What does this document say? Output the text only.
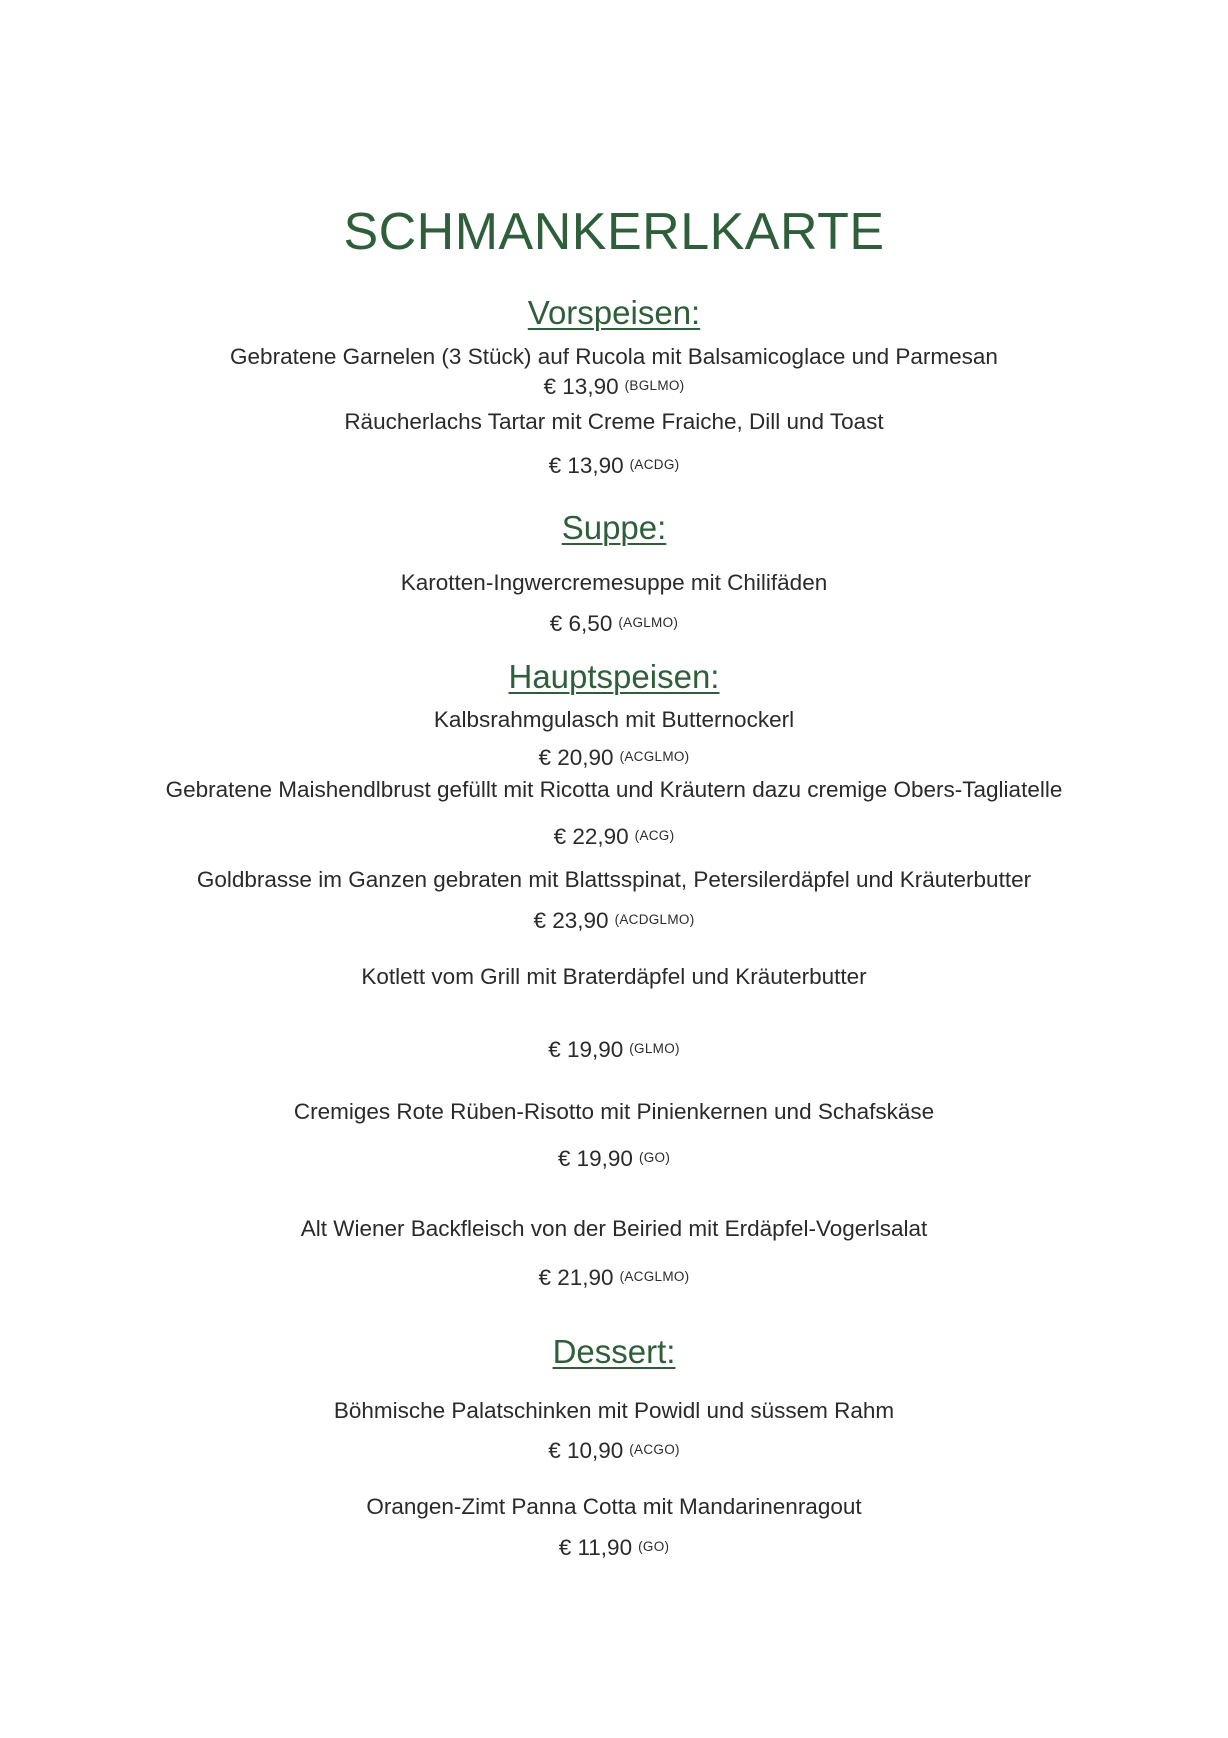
SCHMANKERLKARTE
Vorspeisen:
Gebratene Garnelen (3 Stück) auf Rucola mit Balsamicoglace und Parmesan
€ 13,90 (BGLMO)
Räucherlachs Tartar mit Creme Fraiche, Dill und Toast
€ 13,90 (ACDG)
Suppe:
Karotten-Ingwercremesuppe mit Chilifäden
€ 6,50 (AGLMO)
Hauptspeisen:
Kalbsrahmgulasch mit Butternockerl
€ 20,90 (ACGLMO)
Gebratene Maishendlbrust gefüllt mit Ricotta und Kräutern dazu cremige Obers-Tagliatelle
€ 22,90 (ACG)
Goldbrasse im Ganzen gebraten mit Blattsspinat, Petersilerdäpfel und Kräuterbutter
€ 23,90 (ACDGLMO)
Kotlett vom Grill mit Braterdäpfel und Kräuterbutter
€ 19,90 (GLMO)
Cremiges Rote Rüben-Risotto mit Pinienkernen und Schafskäse
€ 19,90 (GO)
Alt Wiener Backfleisch von der Beiried mit Erdäpfel-Vogerlsalat
€ 21,90 (ACGLMO)
Dessert:
Böhmische Palatschinken mit Powidl und süssem Rahm
€ 10,90 (ACGO)
Orangen-Zimt Panna Cotta mit Mandarinenragout
€ 11,90 (GO)
